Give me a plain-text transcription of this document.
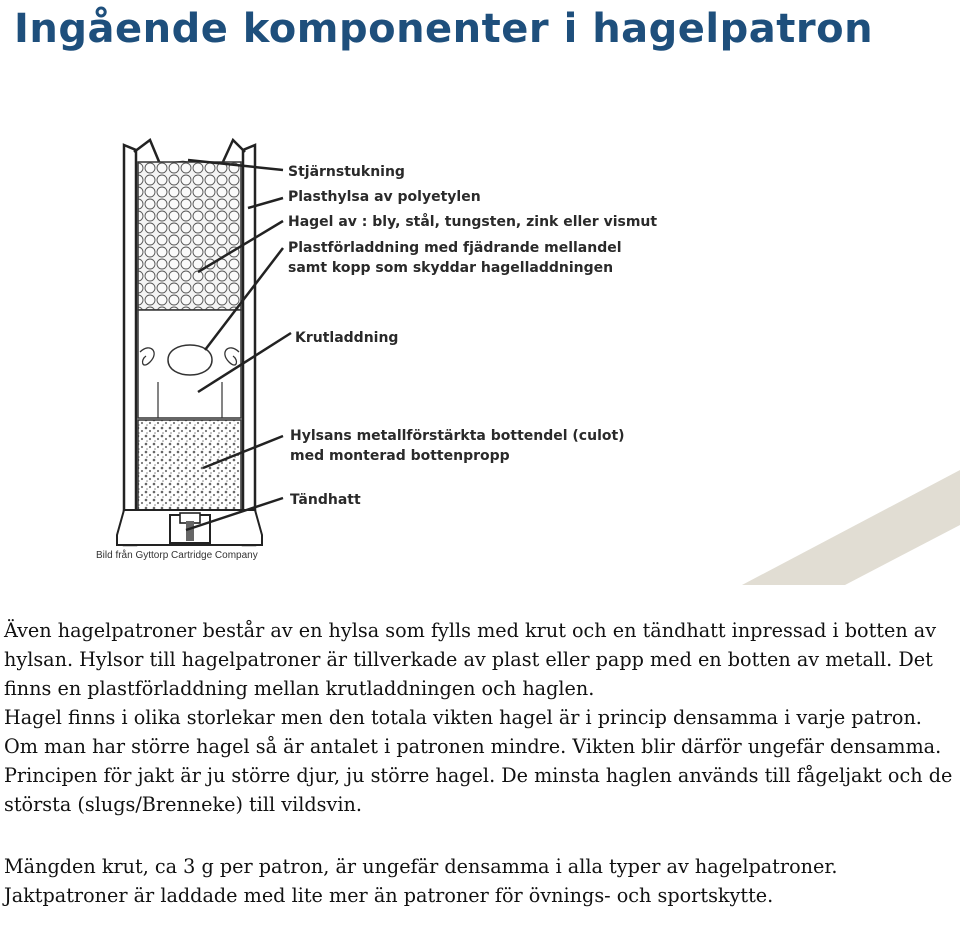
Ingående komponenter i hagelpatron
Stjärnstukning
Plasthylsa av polyetylen
Hagel av : bly, stål, tungsten, zink eller vismut
Plastförladdning med fjädrande mellandel
samt kopp som skyddar hagelladdningen
Krutladdning
Hylsans metallförstärkta bottendel (culot)
med monterad bottenpropp
Tändhatt
Bild från Gyttorp Cartridge Company

Även hagelpatroner består av en hylsa som fylls med krut och en tändhatt inpressad i botten av hylsan. Hylsor till hagelpatroner är tillverkade av plast eller papp med en botten av metall. Det finns en plastförladdning mellan krutladdningen och haglen.

Hagel finns i olika storlekar men den totala vikten hagel är i princip densamma i varje patron. Om man har större hagel så är antalet i patronen mindre. Vikten blir därför ungefär densamma.

Principen för jakt är ju större djur, ju större hagel. De minsta haglen används till fågeljakt och de största (slugs/Brenneke) till vildsvin.

Mängden krut, ca 3 g per patron, är ungefär densamma i alla typer av hagelpatroner.

Jaktpatroner är laddade med lite mer än patroner för övnings- och sportskytte.
